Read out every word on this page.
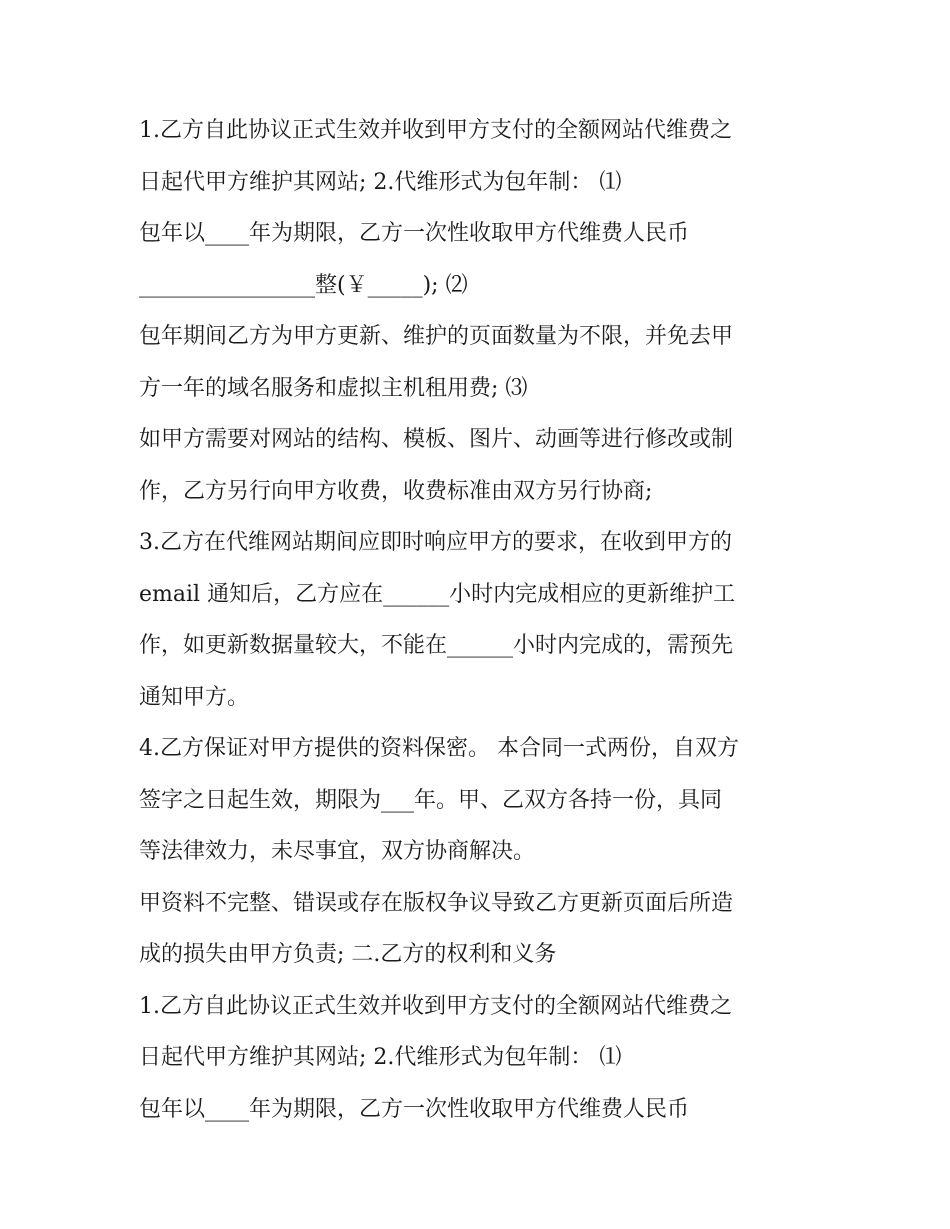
1.乙方自此协议正式生效并收到甲方支付的全额网站代维费之
日起代甲方维护其网站; 2.代维形式为包年制： ⑴
包年以____年为期限，乙方一次性收取甲方代维费人民币
________________整(￥_____); ⑵
包年期间乙方为甲方更新、维护的页面数量为不限，并免去甲
方一年的域名服务和虚拟主机租用费; ⑶
如甲方需要对网站的结构、模板、图片、动画等进行修改或制
作，乙方另行向甲方收费，收费标准由双方另行协商;
3.乙方在代维网站期间应即时响应甲方的要求，在收到甲方的
email 通知后，乙方应在______小时内完成相应的更新维护工
作，如更新数据量较大，不能在______小时内完成的，需预先
通知甲方。
4.乙方保证对甲方提供的资料保密。 本合同一式两份，自双方
签字之日起生效，期限为___年。甲、乙双方各持一份，具同
等法律效力，未尽事宜，双方协商解决。
甲资料不完整、错误或存在版权争议导致乙方更新页面后所造
成的损失由甲方负责; 二.乙方的权利和义务
1.乙方自此协议正式生效并收到甲方支付的全额网站代维费之
日起代甲方维护其网站; 2.代维形式为包年制： ⑴
包年以____年为期限，乙方一次性收取甲方代维费人民币
